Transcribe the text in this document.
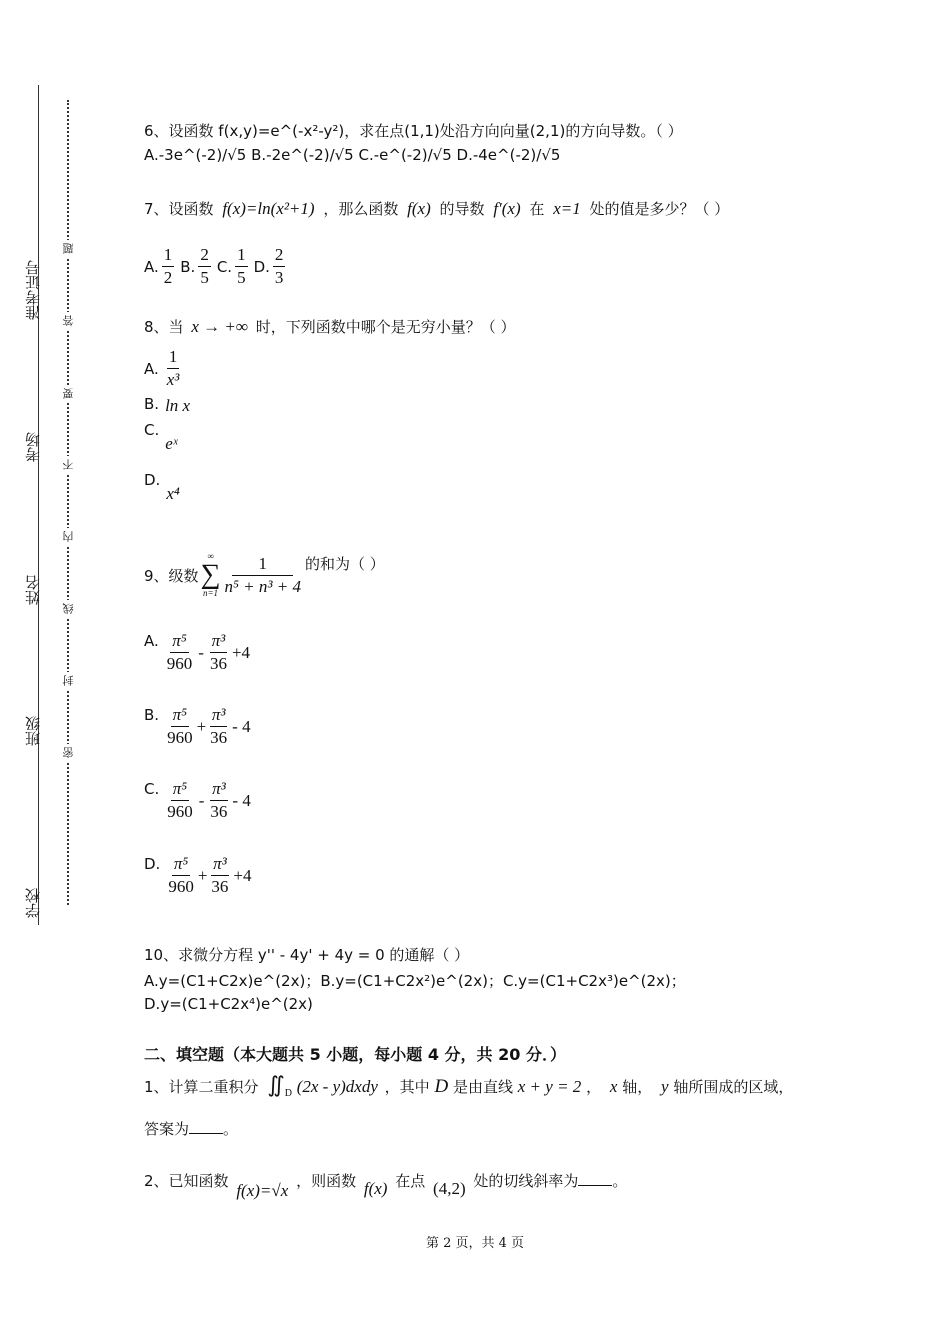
准考证号
考场
姓名
班级
学校
题
答
要
不
内
线
封
密
6、设函数 f(x,y)=e^(-x²-y²)，求在点(1,1)处沿方向向量(2,1)的方向导数。（ ）
A.-3e^(-2)/√5 B.-2e^(-2)/√5 C.-e^(-2)/√5 D.-4e^(-2)/√5
7、设函数 f(x)=ln(x²+1) ，那么函数 f(x) 的导数 f′(x) 在 x=1 处的值是多少？（ ）
A. $\frac{1}{2} B$. $\frac{2}{5} C$. $\frac{1}{5} D$. $\frac{2}{3}$
8、当 x → +∞ 时，下列函数中哪个是无穷小量？（ ）
A. $\frac{1}{\text{x³}}$
B. ln x
C.
eˣ
D.
x⁴
9、级数
∞
∑
$n=1 \frac{1}{\text{n⁵ + n³ + 4}}$ 的和为（ ）
A. $\frac{\text{π⁵}}{960} - \frac{\text{π³}}{36} +4$
B. $\frac{\text{π⁵}}{960} + \frac{\text{π³}}{36} - 4$
C. $\frac{\text{π⁵}}{960} - \frac{\text{π³}}{36} - 4$
D. $\frac{\text{π⁵}}{960} + \frac{\text{π³}}{36} +4$
10、求微分方程 y'' - 4y' + 4y = 0 的通解（ ）
A.y=(C1+C2x)e^(2x)；B.y=(C1+C2x²)e^(2x)；C.y=(C1+C2x³)e^(2x)；
D.y=(C1+C2x⁴)e^(2x)
二、填空题（本大题共 5 小题，每小题 4 分，共 20 分．）
1、计算二重积分 $∬_D$ (2x - y)dxdy ，其中 D 是由直线 x + y = 2 ， x 轴， y 轴所围成的区域，
答案为 。
2、已知函数 f(x)=√x ，则函数 f(x) 在点 (4,2) 处的切线斜率为 。
第 2 页，共 4 页
